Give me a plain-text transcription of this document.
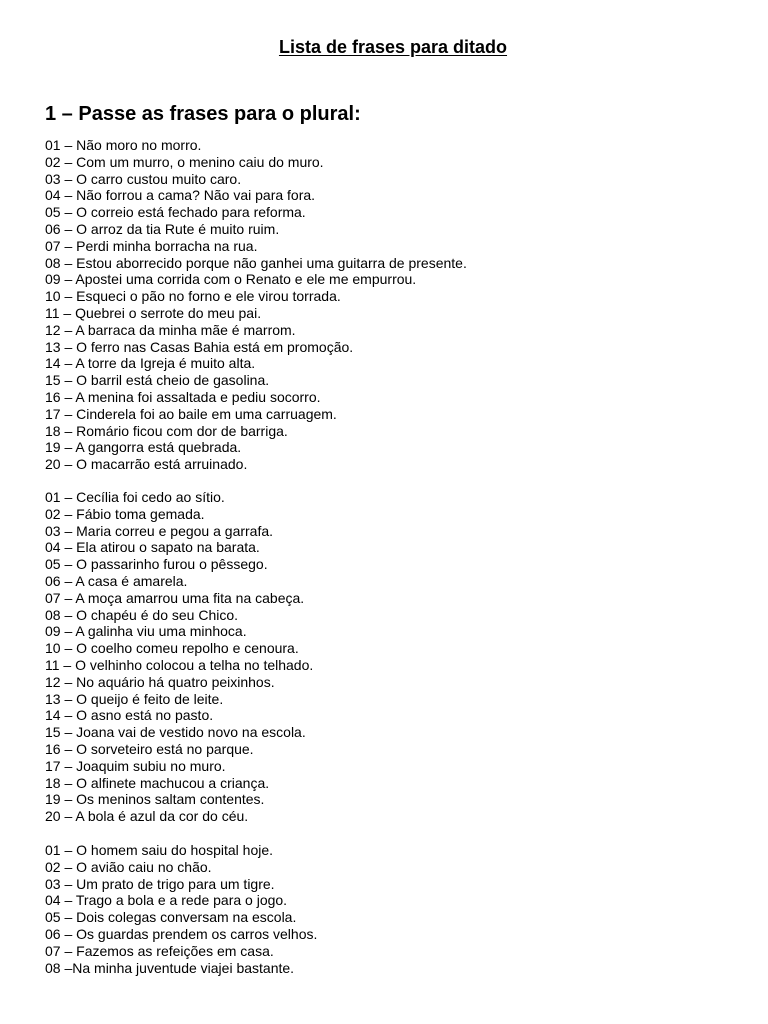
Lista de frases para ditado
1 – Passe as frases para o plural:
01 – Não moro no morro.
02 – Com um murro, o menino caiu do muro.
03 – O carro custou muito caro.
04 – Não forrou a cama? Não vai para fora.
05 – O correio está fechado para reforma.
06 – O arroz da tia Rute é muito ruim.
07 – Perdi minha borracha na rua.
08 – Estou aborrecido porque não ganhei uma guitarra de presente.
09 – Apostei uma corrida com o Renato e ele me empurrou.
10 – Esqueci o pão no forno e ele virou torrada.
11 – Quebrei o serrote do meu pai.
12 – A barraca da minha mãe é marrom.
13 – O ferro nas Casas Bahia está em promoção.
14 – A torre da Igreja é muito alta.
15 – O barril está cheio de gasolina.
16 – A menina foi assaltada e pediu socorro.
17 – Cinderela foi ao baile em uma carruagem.
18 – Romário ficou com dor de barriga.
19 – A gangorra está quebrada.
20 – O macarrão está arruinado.
01 – Cecília foi cedo ao sítio.
02 – Fábio toma gemada.
03 – Maria correu e pegou a garrafa.
04 – Ela atirou o sapato na barata.
05 – O passarinho furou o pêssego.
06 – A casa é amarela.
07 – A moça amarrou uma fita na cabeça.
08 – O chapéu é do seu Chico.
09 – A galinha viu uma minhoca.
10 – O coelho comeu repolho e cenoura.
11 – O velhinho colocou a telha no telhado.
12 – No aquário há quatro peixinhos.
13 – O queijo é feito de leite.
14 – O asno está no pasto.
15 – Joana vai de vestido novo na escola.
16 – O sorveteiro está no parque.
17 – Joaquim subiu no muro.
18 – O alfinete machucou a criança.
19 – Os meninos saltam contentes.
20 – A bola é azul da cor do céu.
01 – O homem saiu do hospital hoje.
02 – O avião caiu no chão.
03 – Um prato de trigo para um tigre.
04 – Trago a bola e a rede para o jogo.
05 – Dois colegas conversam na escola.
06 – Os guardas prendem os carros velhos.
07 – Fazemos as refeições em casa.
08 –Na minha juventude viajei bastante.
